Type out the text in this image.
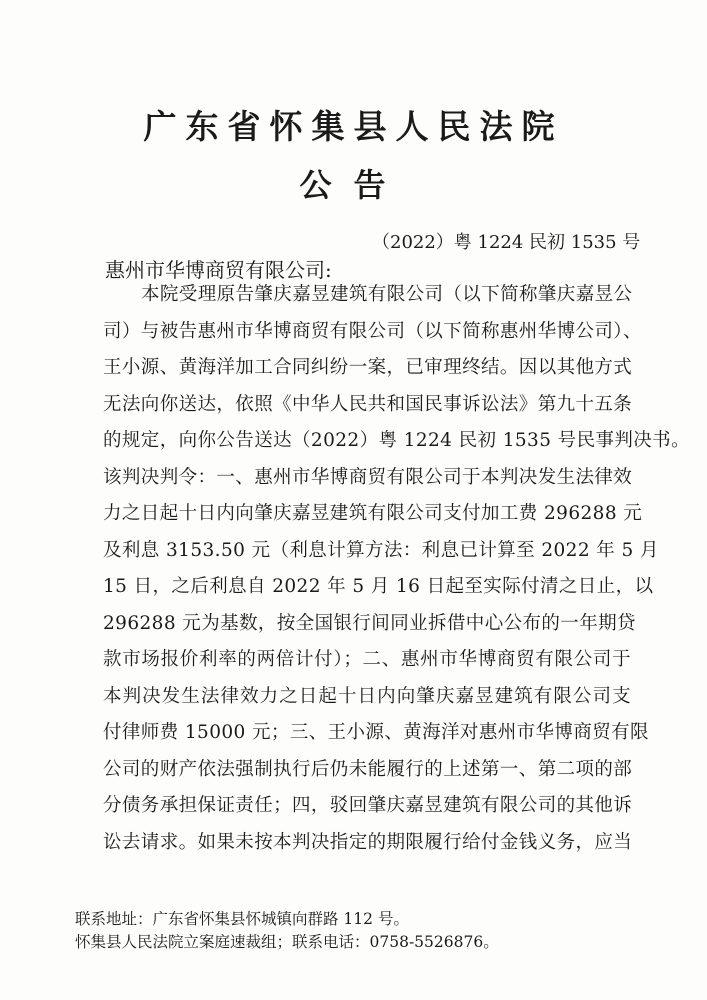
广东省怀集县人民法院
公告
（2022）粤 1224 民初 1535 号
惠州市华博商贸有限公司:
本院受理原告肇庆嘉昱建筑有限公司（以下简称肇庆嘉昱公
司）与被告惠州市华博商贸有限公司（以下简称惠州华博公司）、
王小源、黄海洋加工合同纠纷一案，已审理终结。因以其他方式
无法向你送达，依照《中华人民共和国民事诉讼法》第九十五条
的规定，向你公告送达（2022）粤 1224 民初 1535 号民事判决书。
该判决判令：一、惠州市华博商贸有限公司于本判决发生法律效
力之日起十日内向肇庆嘉昱建筑有限公司支付加工费 296288 元
及利息 3153.50 元（利息计算方法：利息已计算至 2022 年 5 月
15 日，之后利息自 2022 年 5 月 16 日起至实际付清之日止，以
296288 元为基数，按全国银行间同业拆借中心公布的一年期贷
款市场报价利率的两倍计付）；二、惠州市华博商贸有限公司于
本判决发生法律效力之日起十日内向肇庆嘉昱建筑有限公司支
付律师费 15000 元；三、王小源、黄海洋对惠州市华博商贸有限
公司的财产依法强制执行后仍未能履行的上述第一、第二项的部
分债务承担保证责任；四，驳回肇庆嘉昱建筑有限公司的其他诉
讼去请求。如果未按本判决指定的期限履行给付金钱义务，应当
联系地址：广东省怀集县怀城镇向群路 112 号。
怀集县人民法院立案庭速裁组；联系电话：0758-5526876。
